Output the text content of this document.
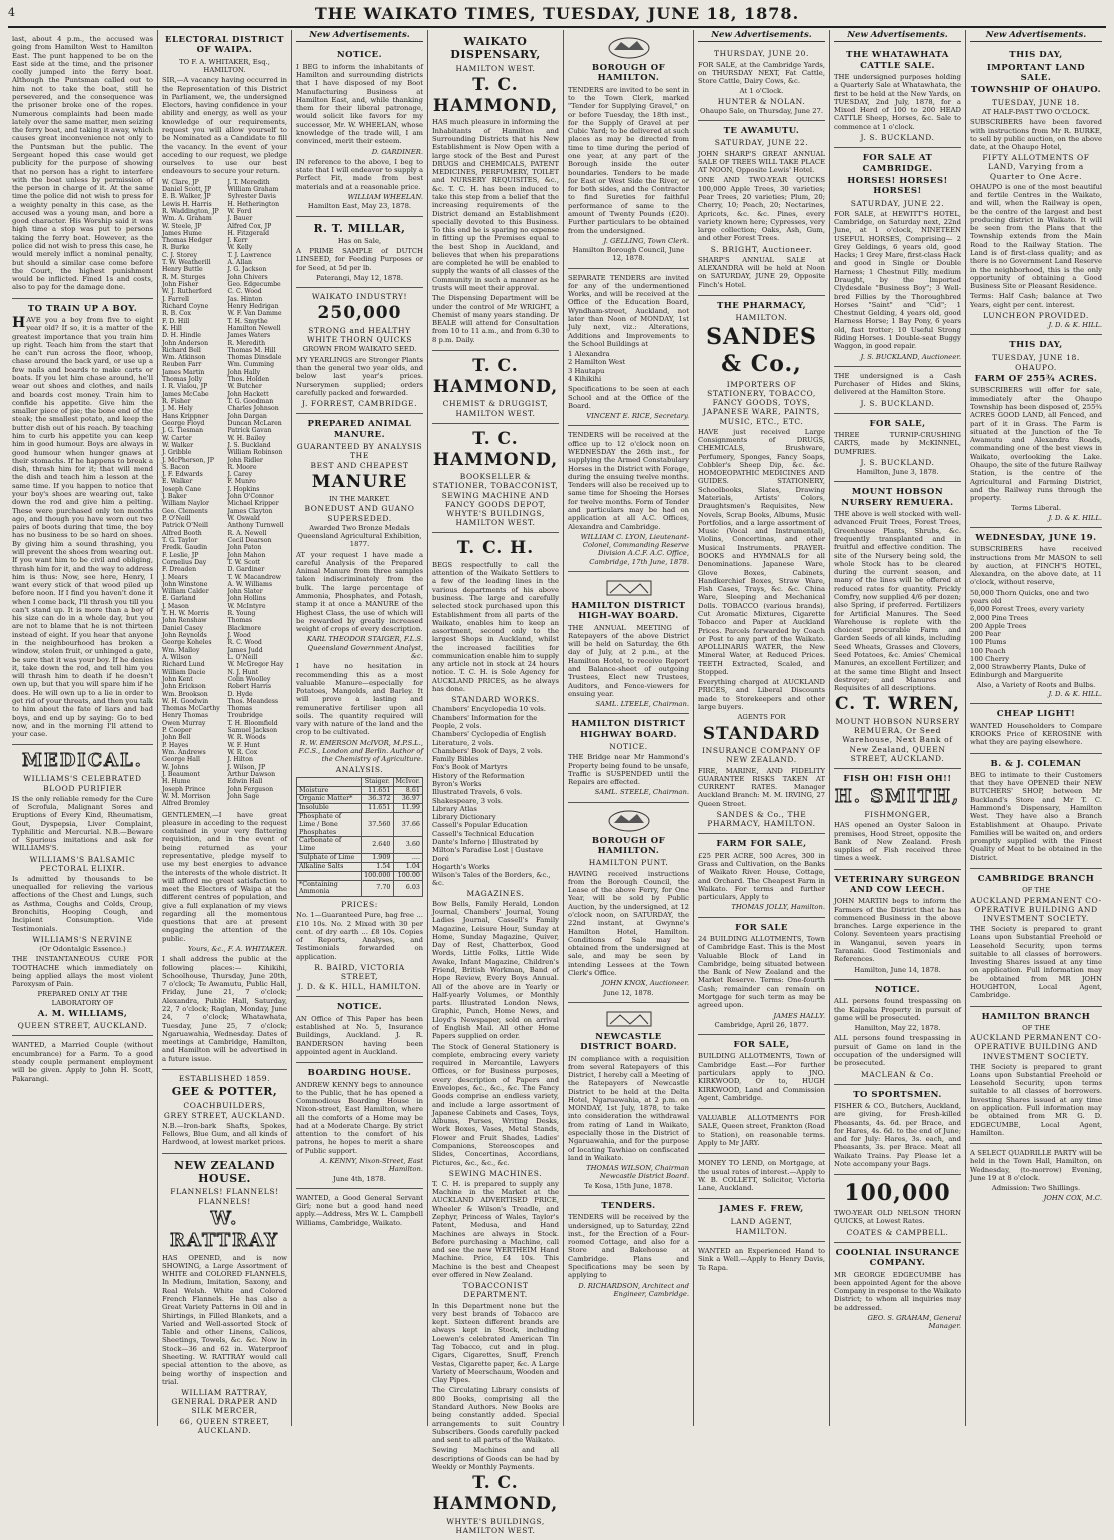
4	THE WAIKATO TIMES, TUESDAY, JUNE 18, 1878.

last, about 4 p.m., the accused was going from Hamilton West to Hamilton East. The punt happened to be on the East side at the time, and the prisoner coolly jumped into the ferry boat. Although the Puntsman called out to him not to take the boat, still he persevered, and the consequence was the prisoner broke one of the ropes. Numerous complaints had been made lately over the same matter, men seizing the ferry boat, and taking it away, which causes great inconvenience not only to the Puntsman but the public. The Sergeant hoped this case would get publicity for the purpose of showing that no person has a right to interfere with the boat unless by permission of the person in charge of it. At the same time the police did not wish to press for a weighty penalty in this case, as the accused was a young man, and bore a good character. His Worship said it was high time a stop was put to persons taking the ferry boat. However, as the police did not wish to press this case, he would merely inflict a nominal penalty, but should a similar case come before the Court, the highest punishment would be inflicted. Fined 1s and costs, also to pay for the damage done.

TO TRAIN UP A BOY.

HAVE you a boy from five to eight year old? If so, it is a matter of the greatest importance that you train him up right. Teach him from the start that he can't run across the floor, whoop, chase around the back yard, or use up a few nails and boards to make carts or boats. If you let him chase around, he'll wear out shoes and clothes, and nails and boards cost money. Train him to confide his appetite. Give him the smaller piece of pie; the bone end of the steak; the smallest potato, and keep the butter dish out of his reach. By teaching him to curb his appetite you can keep him in good humour. Boys are always in good humour when hunger gnaws at their stomachs. If he happens to break a dish, thrash him for it; that will mend the dish and teach him a lesson at the same time. If you happen to notice that your boy's shoes are wearing out, take down the rod and give him a pelting. These were purchased only ten months ago, and though you have worn out two pairs of boots during that time, the boy has no business to be so hard on shoes. By giving him a sound thrashing, you will prevent the shoes from wearing out. If you want him to be civil and obliging, thrash him for it, and the way to address him is thus: Now, see here, Henry, I want every stick of that wood piled up before noon. If I find you haven't done it when I come back, I'll thrash you till you can't stand up. It is more than a boy of his size can do in a whole day, but you are not to blame that he is not thirteen instead of eight. If you hear that anyone in the neighbourhood has broken a window, stolen fruit, or unhinged a gate, be sure that it was your boy. If he denies it, take down the rod, and tell him you will thrash him to death if he doesn't own up, but that you will spare him if he does. He will own up to a lie in order to get rid of your threats, and then you talk to him about the fate of liars and bad boys, and end up by saying: Go to bed now, and in the morning I'll attend to your case.

MEDICAL.
WILLIAMS'S CELEBRATED BLOOD PURIFIER

IS the only reliable remedy for the Cure of Scrofula, Malignant Sores and Eruptions of Every Kind, Rheumatism, Gout, Dyspepsia, Liver Complaint, Typhilitic and Mercurial. N.B.—Beware of Spurious imitations and ask for WILLIAMS'S.

WILLIAMS'S BALSAMIC PECTORAL ELIXIR.

Is admitted by thousands to be unequalled for relieving the various affections of the Chest and Lungs, such as Asthma, Coughs and Colds, Croup, Bronchitis, Hooping Cough, and Incipient Consumption. Vide Testimonials.

WILLIAMS'S NERVINE
(Or Odontalgic Essence.)

THE INSTANTANEOUS CURE FOR TOOTHACHE which immediately on being applied allays the most violent Paroxysm of Pain.

PREPARED ONLY AT THE LABORATORY OF
A. M. WILLIAMS,
QUEEN STREET, AUCKLAND.

WANTED, a Married Couple (without encumbrance) for a Farm. To a good steady couple permanent employment will be given. Apply to John H. Scott, Pakarangi.

ELECTORAL DISTRICT OF WAIPA.
TO F. A. WHITAKER, Esq., HAMILTON.

SIR,—A vacancy having occurred in the Representation of this District in Parliament, we, the undersigned Electors, having confidence in your ability and energy, as well as your knowledge of our requirements, request you will allow yourself to be Nominated as a Candidate to fill the vacancy. In the event of your acceding to our request, we pledge ourselves to use our best endeavours to secure your return.

W. Clare, JP
Daniel Scott, JP
E. B. Walker, JP
Lewis H. Harris
R. Waddington, JP
Wm. A. Graham
W. Steele, JP
James Hume
Thomas Hedger
R. Burke
C. J. Storey
T. W. Weatherill
Henry Buttle
R. M. Sturges
John Fisher
W. J. Rutherford
J. Farrell
Richard Coyne
R. B. Cox
F. D. Hill
K. Hill
D. H. Hindle
John Anderson
Richard Bell
Wm. Atkinson
Reuben Farr
James Martin
Thomas Jolly
I. R. Vialou, JP
James McCabe
R. Fisher
J. M. Hely
Hans Krippner
George Floyd
J. G. Tiesman
W. Carter
W. Walker
J. Gribble
J. McPherson, JP
S. Bacon
J. F. Edwards
E. Walker
Joseph Cane
J. Baker
William Naylor
Geo. Clements
P. O'Neill
Patrick O'Neill
Alfred Booth
T. G. Taylor
Fredk. Gaudin
F. Leslie, JP
Cornelius Day
F. Dreaden
J. Mears
John Winstone
William Calder
E. Garland
J. Mason
T. H. W. Morris
John Renshaw
Daniel Casey
John Reynolds
George Koheles
Wm. Malloy
A. Wilson
Richard Lund
William Dacie
John Kent
John Erickson
Wm. Brookson
W. H. Goodwin
Thomas McCarthy
Henry Thomas
Owen Murray
P. Cooper
John Bell
P. Hayes
Wm. Andrews
George Hall
W. Johns
J. Beaumont
H. Hume
Joseph Prince
W. M. Morrison
Alfred Bromley
J. T. Meredith
William Graham
Sylvester Davis
H. Hetherington
W. Ford
J. Bauer
Alfred Cox, JP
H. Fitzgerald
J. Kerr
W. Kelly
T. J. Lawrence
A. Allan
J. G. Jackson
John Chivers
Geo. Edgecumbe
C. C. Wood
Jas. Hinton
Henry Hedrigan
W. F. Van Damme
T. H. Smythe
Hamilton Newell
James Waters
R. Meredith
Thomas M. Hill
Thomas Dinsdale
Wm. Cumming
John Hally
Thos. Holden
W. Butcher
John Hackett
T. G. Goodman
Charles Johnson
John Dargan
Duncan McLaren
Patrick Gavan
W. H. Bailey
J. S. Buckland
William Robinson
John Ridler
R. Moore
J. Carey
F. Munro
J. Hopkins
John O'Connor
Michael Kripper
James Clayton
W. Oswald
Anthony Turnwell
R. A. Newell
Cecil Dearson
John Paton
John Mahon
T. W. Scott
D. Gardiner
T. W. Macandrew
A. W. Williams
John Slater
John Hollins
W. McIntyre
R. Young
Thomas Blackmore
J. Wood
R. C. Wood
James Judd
L. O'Neill
W. McGregor Hay
N. J. Hunt
Colin Woolley
Robert Harris
D. Hyde
Thos. Meandess
Thomas Troubridge
T. H. Bloomfield
Samuel Jackson
W. R. Woods
W. F. Hunt
W. R. Cox
J. Hilton
J. Wilson, JP
Arthur Dawson
Edwin Hall
John Ferguson
John Sage

GENTLEMEN,—I have great pleasure in acceding to the request contained in your very flattering requisition, and in the event of being returned as your representative, pledge myself to use my best energies to advance the interests of the whole district. It will afford me great satisfaction to meet the Electors of Waipa at the different centres of population, and give a full explanation of my views regarding all the momentous questions that are at present engaging the attention of the public.

Yours, &c., F. A. WHITAKER.

I shall address the public at the following places:— Kihikihi, Schoolhouse, Thursday, June 20th, 7 o'clock; Te Awamutu, Public Hall, Friday, June 21, 7 o'clock; Alexandra, Public Hall, Saturday, 22, 7 o'clock; Raglan, Monday, June 24, 7 o'clock; Whatawhata, Tuesday, June 25, 7 o'clock; Ngaruawahia, Wednesday. Dates of meetings at Cambridge, Hamilton, and Hamilton will be advertised in a future issue.

ESTABLISHED 1859.
GEE & POTTER,
COACHBUILDERS,
GREY STREET, AUCKLAND.

N.B.—Iron-bark Shafts, Spokes, Fellows, Blue Gum, and all kinds of Hardwood, at lowest market prices.

NEW ZEALAND HOUSE.
FLANNELS! FLANNELS! FLANNELS!
W. RATTRAY

HAS OPENED, and is now SHOWING, a Large Assortment of WHITE and COLORED FLANNELS, In Medium, Imitation, Saxony, and Real Welsh. White and Colored French Flannels. He has also a Great Variety Patterns in Oil and in Shirtings, in Filled Blankets, and a Varied and Well-assorted Stock of Table and other Linens, Calicos, Sheetings, Towels, &c. &c. Now in Stock—36 and 62 in. Waterproof Sheeting. W. RATTRAY would call special attention to the above, as being worthy of inspection and trial.

WILLIAM RATTRAY, GENERAL DRAPER AND SILK MERCER,
66, QUEEN STREET, AUCKLAND.
New Advertisements.
NOTICE.

I BEG to inform the inhabitants of Hamilton and surrounding districts that I have disposed of my Boot Manufacturing Business at Hamilton East, and, while thanking them for their liberal patronage, would solicit like favors for my successor, Mr. W. WHEELAN, whose knowledge of the trade will, I am convinced, merit their esteem.

D. GARDINER.

IN reference to the above, I beg to state that I will endeavor to supply a Perfect Fit, made from best materials and at a reasonable price.

WILLIAM WHEELAN.
Hamilton East, May 23, 1878.
R. T. MILLAR,
Has on Sale,

A PRIME SAMPLE of DUTCH LINSEED, for Feeding Purposes or for Seed, at 5d per lb.

Paterangi, May 12, 1878.
WAIKATO INDUSTRY!
250,000
STRONG and HEALTHY WHITE THORN QUICKS
GROWN FROM WAIKATO SEED.

MY YEARLINGS are Stronger Plants than the general two year olds, and below last year's prices. Nurserymen supplied; orders carefully packed and forwarded.

J. FORREST, CAMBRIDGE.
PREPARED ANIMAL MANURE.
GUARANTEED BY ANALYSIS THE
BEST AND CHEAPEST
MANURE
IN THE MARKET.
BONEDUST AND GUANO SUPERSEDED.
Awarded Two Bronze Medals Queensland Agricultural Exhibition, 1877.

AT your request I have made a careful Analysis of the Prepared Animal Manure from three samples taken indiscriminately from the bulk. The large percentage of Ammonia, Phosphates, and Potash, stamp it at once a MANURE of the Highest Class, the use of which will be rewarded by greatly increased weight of crops of every description.

KARL THEODOR STAIGER, F.L.S. Queensland Government Analyst, &c.

I have no hesitation in recommending this as a most valuable Manure—especially for Potatoes, Mangolds, and Barley. It will prove a lasting and remunerative fertiliser upon all soils. The quantity required will vary with nature of the land and the crop to be cultivated.

R. W. EMERSON McIVOR, M.P.S.L., F.C.S., London and Berlin. Author of the Chemistry of Agriculture.
ANALYSIS.
	Staiger.	McIvor.
Moisture	11.651	8.61
Organic Matter*	36.372	36.97
Insoluble	11.651	11.99
Phosphate of Lime / Bone Phosphates	37.560	37.66
Carbonate of Lime	2.640	3.60
Sulphate of Lime	1.909	....
Alkaline Salts	1.54	1.04
	100.000	100.00
*Containing Ammonia	7.70	6.03
PRICES:

No. 1—Guaranteed Pure, bag free … £10 10s. No. 2 Mixed with 30 per cent. of dry earth … £8 10s. Copies of Reports, Analyses, and Testimonials forwarded on application.

R. BAIRD, VICTORIA STREET,
J. D. & K. HILL, HAMILTON.
NOTICE.

AN Office of This Paper has been established at No. 5, Insurance Buildings, Auckland. J. R. BANDERSON having been appointed agent in Auckland.

BOARDING HOUSE.

ANDREW KENNY begs to announce to the Public, that he has opened a Commodious Boarding House in Nixon-street, East Hamilton, where all the comforts of a Home may be had at a Moderate Charge. By strict attention to the comfort of his patrons, he hopes to merit a share of Public support.

A. KENNY, Nixon-Street, East Hamilton.
June 4th, 1878.

WANTED, a Good General Servant Girl; none but a good hand need apply.—Address, Mrs W. L. Campbell Williams, Cambridge, Waikato.

WAIKATO DISPENSARY,
HAMILTON WEST.
T. C. HAMMOND,

HAS much pleasure in informing the Inhabitants of Hamilton and Surrounding Districts that his New Establishment is Now Open with a large stock of the Best and Purest DRUGS and CHEMICALS, PATENT MEDICINES, PERFUMERY, TOILET and NURSERY REQUISITES, &c., &c. T. C. H. has been induced to take this step from a belief that the increasing requirements of the District demand an Establishment specially devoted to this Business. To this end he is sparing no expense in fitting up the Premises equal to the best Shop in Auckland, and believes that when his preparations are completed he will be enabled to supply the wants of all classes of the Community in such a manner as he trusts will meet their approval.

The Dispensing Department will be under the control of Mr WRIGHT, a Chemist of many years standing. Dr BEALE will attend for Consultation from 10 to 11 a.m., and from 6.30 to 8 p.m. Daily.

T. C. HAMMOND,
CHEMIST & DRUGGIST, HAMILTON WEST.
T. C. HAMMOND,
BOOKSELLER & STATIONER, TOBACCONIST, SEWING MACHINE AND FANCY GOODS DEPOT, WHYTE'S BUILDINGS, HAMILTON WEST.
T. C. H.

BEGS respectfully to call the attention of the Waikato Settlers to a few of the leading lines in the various departments of his above business. The large and carefully selected stock purchased upon this Establishment from all parts of the Waikato, enables him to keep an assortment, second only to the largest Shops in Auckland, whilst the increased facilities for communication enable him to supply any article not in stock at 24 hours notice. T. C. H. is Sole Agency for AUCKLAND PRICES, as he always has done.

STANDARD WORKS.
Chambers' Encyclopedia 10 vols.
Chambers' Information for the People, 2 vols.
Chambers' Cyclopedia of English Literature, 2 vols.
Chambers' Book of Days, 2 vols.
Family Bibles
Fox's Book of Martyrs
History of the Reformation
Byron's Works
Illustrated Travels, 6 vols.
Shakespeare, 3 vols.
Library Atlas
Library Dictionary
Cassell's Popular Education
Cassell's Technical Education
Dante's Inferno | Illustrated by Milton's Paradise Lost | Gustave Doré
Hogarth's Works
Wilson's Tales of the Borders, &c., &c.
MAGAZINES.

Bow Bells, Family Herald, London Journal, Chambers' Journal, Young Ladies Journal, Cassell's Family Magazine, Leisure Hour, Sunday at Home, Sunday Magazine, Quiver, Day of Rest, Chatterbox, Good Words, Little Folks, Little Wide Awake, Infant Magazine, Children's Friend, British Workman, Band of Hope Review, Every Boys Annual. All of the above are in Yearly or Half-yearly Volumes, or Monthly parts. Illustrated London News, Graphic, Punch, Home News, and Lloyd's Newspaper, sold on arrival of English Mail. All other Home Papers supplied on order.

The Stock of General Stationery is complete, embracing every variety required in Mercantile, Lawyers Offices, or for Business purposes, every description of Papers and Envelopes, &c., &c., &c. The Fancy Goods comprise an endless variety, and include a large assortment of Japanese Cabinets and Cases, Toys, Albums, Purses, Writing Desks, Work Boxes, Vases, Metal Stands, Flower and Fruit Shades, Ladies' Companions, Stereoscopes and Slides, Concertinas, Accordians, Pictures, &c., &c., &c.

SEWING MACHINES.

T. C. H. is prepared to supply any Machine in the Market at the AUCKLAND ADVERTISED PRICE, Wheeler & Wilson's Treadle, and Zephyr, Princess of Wales, Taylor's Patent, Medusa, and Hand Machines are always in Stock. Before purchasing a Machine, call and see the new WERTHEIM Hand Machine. Price, £4 10s. This Machine is the best and Cheapest ever offered in New Zealand.

TOBACCONIST DEPARTMENT.

In this Department none but the very best brands of Tobacco are kept. Sixteen different brands are always kept in Stock, including Loewen's celebrated American Tin Tag Tobacco, cut and in plug. Cigars, Cigarettes, Snuff, French Vestas, Cigarette paper, &c. A Large Variety of Meerschaum, Wooden and Clay Pipes.

The Circulating Library consists of 800 Books, comprising all the Standard Authors. New Books are being constantly added. Special arrangements to suit Country Subscribers. Goods carefully packed and sent to all parts of the Waikato.

Sewing Machines and all descriptions of Goods can be had by Weekly or Monthly Payments.

T. C. HAMMOND,
WHYTE'S BUILDINGS, HAMILTON WEST.
BOROUGH OF HAMILTON.

TENDERS are invited to be sent in to the Town Clerk, marked "Tender for Supplying Gravel," on or before Tuesday, the 18th inst., for the Supply of Gravel at per Cubic Yard; to be delivered at such places as may be directed from time to time during the period of one year, at any part of the Borough inside the outer boundaries. Tenders to be made for East or West Side the River, or for both sides, and the Contractor to find Sureties for faithful performance of same to the amount of Twenty Pounds (£20). Further particulars to be obtained from the undersigned.

J. GELLING, Town Clerk.
Hamilton Borough Council, June 12, 1878.

SEPARATE TENDERS are invited for any of the undermentioned Works, and will be received at the Office of the Education Board, Wyndham-street, Auckland, not later than Noon of MONDAY, 1st July next, viz.: Alterations, Additions and Improvements to the School Buildings at

1 Alexandra
2 Hamilton West
3 Hautapu
4 Kihikihi

Specifications to be seen at each School and at the Office of the Board.

VINCENT E. RICE, Secretary.

TENDERS will be received at the office up to 12 o'clock noon on WEDNESDAY the 26th inst., for supplying the Armed Constabulary Horses in the District with Forage, during the ensuing twelve months. Tenders will also be received up to same time for Shoeing the Horses for twelve months. Form of Tender and particulars may be had on application at all A.C. Offices, Alexandra and Cambridge.

WILLIAM C. LYON, Lieutenant-Colonel, Commanding Reserve Division A.C.F. A.C. Office, Cambridge, 17th June, 1878.
HAMILTON DISTRICT HIGH-WAY BOARD.

THE ANNUAL MEETING of Ratepayers of the above District will be held on Saturday, the 6th day of July, at 2 p.m., at the Hamilton Hotel, to receive Report and Balance-sheet of outgoing Trustees, Elect new Trustees, Auditors, and Fence-viewers for ensuing year.

SAML. LTEELE, Chairman.
HAMILTON DISTRICT HIGHWAY BOARD.
NOTICE.

THE Bridge near Mr Hammond's Property being found to be unsafe, Traffic is SUSPENDED until the Repairs are effected.

SAML. STEELE, Chairman.
BOROUGH OF HAMILTON.
HAMILTON PUNT.

HAVING received instructions from the Borough Council, the Lease of the above Ferry, for One Year, will be sold by Public Auction, by the undersigned, at 12 o'clock noon, on SATURDAY, the 22nd instant, at Gwynne's Hamilton Hotel, Hamilton. Conditions of Sale may be obtained from the undersigned at sale, and may be seen by intending Lessees at the Town Clerk's Office.

JOHN KNOX, Auctioneer.
June 12, 1878.
NEWCASTLE DISTRICT BOARD.

IN compliance with a requisition from several Ratepayers of this District, I hereby call a Meeting of the Ratepayers of Newcastle District to be held at the Delta Hotel, Ngaruawahia, at 2 p.m. on MONDAY, 1st July, 1878, to take into consideration the withdrawal from rating of Land in Waikato, especially those in the District of Ngaruawahia, and for the purpose of locating Tawhiao on confiscated land in Waikato.

THOMAS WILSON, Chairman Newcastle District Board.
Te Kosa, 15th June, 1878.
TENDERS.

TENDERS will be received by the undersigned, up to Saturday, 22nd inst., for the Erection of a Four-roomed Cottage, and also for a Store and Bakehouse at Cambridge. Plans and Specifications may be seen by applying to

D. RICHARDSON, Architect and Engineer, Cambridge.
New Advertisements.
THURSDAY, JUNE 20.

FOR SALE, at the Cambridge Yards, on THURSDAY NEXT, Fat Cattle, Store Cattle, Dairy Cows, &c.

At 1 o'Clock.
HUNTER & NOLAN.
Ohaupo Sale, on Thursday, June 27.
TE AWAMUTU.
SATURDAY, JUNE 22.

JOHN SHARP'S GREAT ANNUAL SALE OF TREES WILL TAKE PLACE AT NOON, Opposite Lewis' Hotel.

ONE AND TWO-YEAR QUICKS 100,000 Apple Trees, 30 varieties; Pear Trees, 20 varieties; Plum, 20; Cherry, 10; Peach, 20; Nectarines, Apricots, &c. &c. Pines, every variety known here; Cypresses, very large collection; Oaks, Ash, Gum, and other Forest Trees.

S. BRIGHT, Auctioneer.

SHARP'S ANNUAL SALE at ALEXANDRA will be held at Noon on SATURDAY, JUNE 29, Opposite Finch's Hotel.

THE PHARMACY,
HAMILTON.
SANDES & Co.,
IMPORTERS OF STATIONERY, TOBACCO, FANCY GOODS, TOYS, JAPANESE WARE, PAINTS, MUSIC, ETC., ETC.

HAVE just received Large Consignments of DRUGS, CHEMICALS, Brushware, Perfumery, Sponges, Fancy Soaps, Cobbler's Sheep Dip, &c. &c. HOMOEOPATHIC MEDICINES AND GUIDES. STATIONERY, Schoolbooks, Slates, Drawing Materials, Artists' Colors, Draughtsmen's Requisites, New Novels, Scrap Books, Albums, Music Portfolios, and a large assortment of Music (Vocal and Instrumental), Violins, Concertinas, and other Musical Instruments. PRAYER-BOOKS and HYMNALS for all Denominations. Japanese Ware, Glove Boxes, Cabinets, Handkerchief Boxes, Straw Ware, Fish Cases, Trays, &c. &c. China Ware, Sleeping and Mechanical Dolls. TOBACCO (various brands), Cut Aromatic Mixtures, Cigarette Tobacco and Paper at Auckland Prices. Parcels forwarded by Coach or Post to any part of the Waikato. APOLLINARIS WATER, the New Mineral Water, at Reduced Prices. TEETH Extracted, Scaled, and Stopped.

Everything charged at AUCKLAND PRICES, and Liberal Discounts made to Storekeepers and other large buyers.

AGENTS FOR
STANDARD
INSURANCE COMPANY OF NEW ZEALAND.

FIRE, MARINE, AND FIDELITY GUARANTEE RISKS TAKEN AT CURRENT RATES. Manager Auckland Branch: M. M. IRVING, 27 Queen Street.

SANDES & Co., THE PHARMACY, HAMILTON.
FARM FOR SALE,

£25 PER ACRE, 500 Acres, 300 in Grass and Cultivation, on the Banks of Waikato River. House, Cottage, and Orchard. The Cheapest Farm in Waikato. For terms and further particulars, Apply to

THOMAS JOLLY, Hamilton.
FOR SALE

24 BUILDING ALLOTMENTS, Town of Cambridge East. This is the Most Valuable Block of Land in Cambridge, being situated between the Bank of New Zealand and the Market Reserve. Terms: One-fourth Cash; remainder can remain on Mortgage for such term as may be agreed upon.

JAMES HALLY.
Cambridge, April 26, 1877.
FOR SALE,

BUILDING ALLOTMENTS, Town of Cambridge East.—For further particulars apply to JNO. KIRKWOOD, Or to, HUGH KIRKWOOD, Land and Commission Agent, Cambridge.

VALUABLE ALLOTMENTS FOR SALE, Queen street, Frankton (Road to Station), on reasonable terms. Apply to Mr JARY.

MONEY TO LEND, on Mortgage, at the usual rates of interest.—Apply to W. B. COLLETT, Solicitor, Victoria Lane, Auckland.

JAMES F. FREW,
LAND AGENT,
HAMILTON.

WANTED an Experienced Hand to Sink a Well.—Apply to Henry Davis, Te Rapa.

New Advertisements.
THE WHATAWHATA CATTLE SALE.

THE undersigned purposes holding a Quarterly Sale at Whatawhata, the first to be held at the New Yards, on TUESDAY, 2nd July, 1878, for a Mixed Herd of 100 to 200 HEAD CATTLE Sheep, Horses, &c. Sale to commence at 1 o'clock.

J. S. BUCKLAND.
FOR SALE AT CAMBRIDGE.
HORSES! HORSES! HORSES!
SATURDAY, JUNE 22.

FOR SALE, at HEWITT'S HOTEL, Cambridge, on Saturday next, 22nd June, at 1 o'clock, NINETEEN USEFUL HORSES, Comprising— 2 Grey Geldings, 6 years old, good Hacks; 1 Grey Mare, first-class Hack and good in Single or Double Harness; 1 Chestnut Filly, medium Draught, by the Imported Clydesdale "Business Boy"; 3 Well-bred Fillies by the Thoroughbred Horses "Saint" and "Cid"; 1 Chestnut Gelding, 4 years old, good Harness Horse; 1 Bay Pony, 6 years old, fast trotter; 10 Useful Strong Riding Horses. 1 Double-seat Buggy Waggon, in good repair.

J. S. BUCKLAND, Auctioneer.

THE undersigned is a Cash Purchaser of Hides and Skins, delivered at the Hamilton Store.

J. S. BUCKLAND.
FOR SALE,

THREE TURNIP-CRUSHING CARTS, made by McKINNEL, DUMFRIES.

J. S. BUCKLAND.
Hamilton, June 3, 1878.
MOUNT HOBSON NURSERY REMUERA.

THE above is well stocked with well-advanced Fruit Trees, Forest Trees, Greenhouse Plants, Shrubs, &c. frequently transplanted and in fruitful and effective condition. The site of the Nursery being sold, the whole Stock has to be cleared during the current season, and many of the lines will be offered at reduced rates for quantity. Prickly Comfry, now supplied 4/6 per dozen; also Spring, if preferred. Fertilizers for Artificial Manures. The Seed Warehouse is replete with the choicest procurable Farm and Garden Seeds of all kinds, including Seed Wheats, Grasses and Clovers, Seed Potatoes, &c. Amies' Chemical Manures, an excellent Fertilizer, and at the same time Blight and Insect destroyer; and Manures and Requisites of all descriptions.

C. T. WREN,
MOUNT HOBSON NURSERY REMUERA, Or Seed Warehouse, Next Bank of New Zealand, QUEEN STREET, AUCKLAND.
FISH OH! FISH OH!!
H. SMITH,
FISHMONGER,

HAS opened an Oyster Saloon in premises, Hood Street, opposite the Bank of New Zealand. Fresh supplies of Fish received three times a week.

VETERINARY SURGEON AND COW LEECH.

JOHN MARTIN begs to inform the Farmers of the District that he has commenced Business in the above branches. Large experience in the Colony. Seventeen years practising in Wanganui, seven years in Taranaki. Good Testimonials and References.

Hamilton, June 14, 1878.
NOTICE.

ALL persons found trespassing on the Kaipaka Property in pursuit of game will be prosecuted.

Hamilton, May 22, 1878.

ALL persons found trespassing in pursuit of Game on land in the occupation of the undersigned will be prosecuted.

MACLEAN & Co.
TO SPORTSMEN.

FISHER & CO., Butchers, Auckland, are giving, for Fresh-killed Pheasants, 4s. 6d. per Brace, and for Hares, 4s. 6d. to the end of June; and for July: Hares, 3s. each, and Pheasants, 3s. per Brace. Meat all Waikato Trains. Pay Please let a Note accompany your Bags.

100,000

TWO-YEAR OLD NELSON THORN QUICKS, at Lowest Rates.

COATES & CAMPBELL.
COOLNIAL INSURANCE COMPANY.

MR GEORGE EDGECUMBE has been appointed Agent for the above Company in response to the Waikato District; to whom all inquiries may be addressed.

GEO. S. GRAHAM, General Manager.
New Advertisements.
THIS DAY,
IMPORTANT LAND SALE.
TOWNSHIP OF OHAUPO.
TUESDAY, JUNE 18.
AT HALF-PAST TWO O'CLOCK.

SUBSCRIBERS have been favored with instructions from Mr R. BURKE, to sell by public auction, on the above date, at the Ohaupo Hotel,

FIFTY ALLOTMENTS OF LAND, Varying from a Quarter to One Acre.

OHAUPO is one of the most beautiful and fertile Centres in the Waikato, and will, when the Railway is open, be the centre of the largest and best producing district in Waikato. It will be seen from the Plans that the Township extends from the Main Road to the Railway Station. The Land is of first-class quality; and as there is no Government Land Reserve in the neighborhood, this is the only opportunity of obtaining a Good Business Site or Pleasant Residence.

Terms: Half Cash; balance at Two Years, eight per cent. interest.

LUNCHEON PROVIDED.
J. D. & K. HILL.
THIS DAY,
TUESDAY, JUNE 18.
OHAUPO.
FARM OF 255¾ ACRES.

SUBSCRIBERS will offer for sale, immediately after the Ohaupo Township has been disposed of, 255¾ ACRES GOOD LAND, all Fenced, and part of it in Grass. The Farm is situated at the Junction of the Te Awamutu and Alexandra Roads, commanding one of the best views in Waikato, overlooking the Lake. Ohaupo, the site of the future Railway Station, is the centre of the Agricultural and Farming District, and the Railway runs through the property.

Terms Liberal.
J. D. & K. HILL.
WEDNESDAY, JUNE 19.

SUBSCRIBERS have received instructions from Mr MASON to sell by auction, at FINCH'S HOTEL, Alexandra, on the above date, at 11 o'clock, without reserve,

50,000 Thorn Quicks, one and two years old
6,000 Forest Trees, every variety
2,000 Pine Trees
200 Apple Trees
200 Pear
100 Plums
100 Peach
100 Cherry
2,000 Strawberry Plants, Duke of Edinburgh and Marguerite
Also, a Variety of Roots and Bulbs.
J. D. & K. HILL.
CHEAP LIGHT!

WANTED Householders to Compare KROOKS Price of KEROSINE with what they are paying elsewhere.

B. & J. COLEMAN

BEG to intimate to their Customers that they have OPENED their NEW BUTCHERS' SHOP, between Mr Buckland's Store and Mr T. C. Hammond's Dispensary, Hamilton West. They have also a Branch Establishment at Ohaupo. Private Families will be waited on, and orders promptly supplied with the Finest Quality of Meat to be obtained in the District.

CAMBRIDGE BRANCH
OF THE
AUCKLAND PERMANENT CO-OPERATIVE BUILDING AND INVESTMENT SOCIETY.

THE Society is prepared to grant Loans upon Substantial Freehold or Leasehold Security, upon terms suitable to all classes of borrowers. Investing Shares issued at any time on application. Full information may be obtained from MR JOHN HOUGHTON, Local Agent, Cambridge.

HAMILTON BRANCH
OF THE
AUCKLAND PERMANENT CO-OPERATIVE BUILDING AND INVESTMENT SOCIETY.

THE Society is prepared to grant Loans upon Substantial Freehold or Leasehold Security, upon terms suitable to all classes of borrowers. Investing Shares issued at any time on application. Full information may be obtained from MR G. D. EDGECUMBE, Local Agent, Hamilton.

A SELECT QUADRILLE PARTY will be held in the Town Hall, Hamilton, on Wednesday, (to-morrow) Evening, June 19 at 8 o'clock.

Admission: Two Shillings.
JOHN COX, M.C.
